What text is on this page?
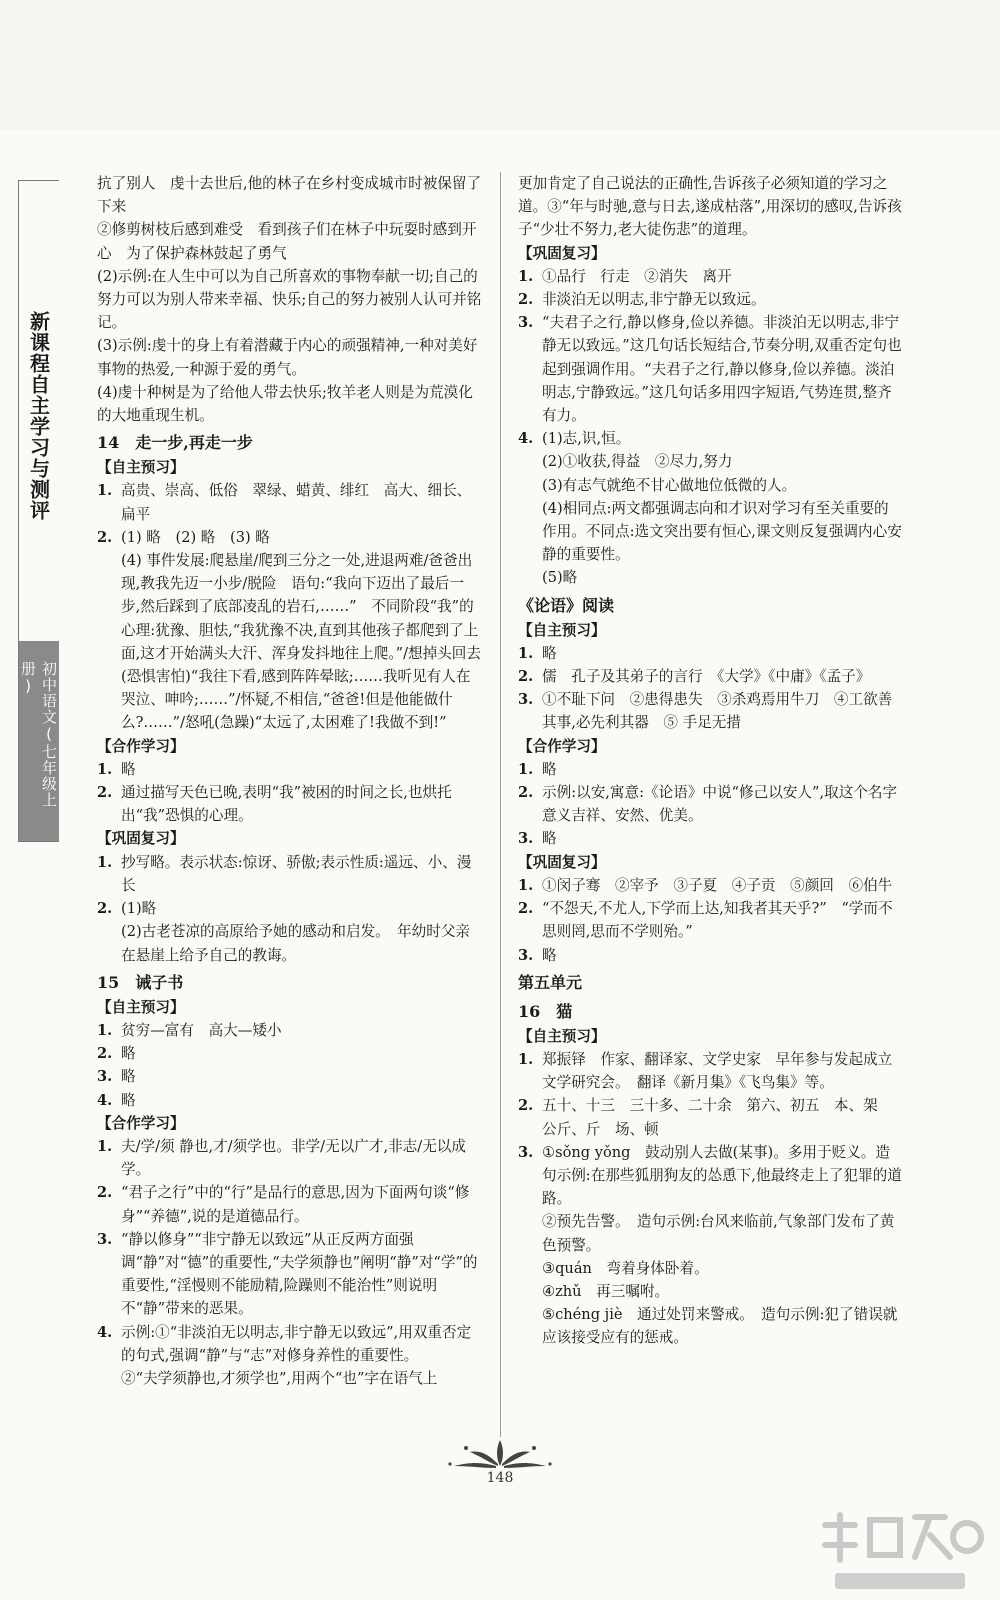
新课程自主学习与测评
初中语文(七年级上册)

抗了别人　虔十去世后,他的林子在乡村变成城市时被保留了下来

②修剪树枝后感到难受　看到孩子们在林子中玩耍时感到开心　为了保护森林鼓起了勇气

(2)示例:在人生中可以为自己所喜欢的事物奉献一切;自己的努力可以为别人带来幸福、快乐;自己的努力被别人认可并铭记。

(3)示例:虔十的身上有着潜藏于内心的顽强精神,一种对美好事物的热爱,一种源于爱的勇气。

(4)虔十种树是为了给他人带去快乐;牧羊老人则是为荒漠化的大地重现生机。

14　走一步,再走一步

【自主预习】

1. 高贵、崇高、低俗　翠绿、蜡黄、绯红　高大、细长、扁平

2. (1) 略　(2) 略　(3) 略

(4) 事件发展:爬悬崖/爬到三分之一处,进退两难/爸爸出现,教我先迈一小步/脱险　语句:“我向下迈出了最后一步,然后踩到了底部凌乱的岩石,……”　不同阶段“我”的心理:犹豫、胆怯,“我犹豫不决,直到其他孩子都爬到了上面,这才开始满头大汗、浑身发抖地往上爬。”/想掉头回去(恐惧害怕)“我往下看,感到阵阵晕眩;……我听见有人在哭泣、呻吟;……”/怀疑,不相信,“爸爸!但是他能做什么?……”/怒吼(急躁)“太远了,太困难了!我做不到!”

【合作学习】

1. 略

2. 通过描写天色已晚,表明“我”被困的时间之长,也烘托出“我”恐惧的心理。

【巩固复习】

1. 抄写略。表示状态:惊讶、骄傲;表示性质:遥远、小、漫长

2. (1)略

(2)古老苍凉的高原给予她的感动和启发。　年幼时父亲在悬崖上给予自己的教诲。

15　诫子书

【自主预习】

1. 贫穷—富有　高大—矮小

2. 略

3. 略

4. 略

【合作学习】

1. 夫/学/须 静也,才/须学也。非学/无以广才,非志/无以成学。

2. “君子之行”中的“行”是品行的意思,因为下面两句谈“修身”“养德”,说的是道德品行。

3. “静以修身”“非宁静无以致远”从正反两方面强调“静”对“德”的重要性,“夫学须静也”阐明“静”对“学”的重要性,“淫慢则不能励精,险躁则不能治性”则说明不“静”带来的恶果。

4. 示例:①“非淡泊无以明志,非宁静无以致远”,用双重否定的句式,强调“静”与“志”对修身养性的重要性。

②“夫学须静也,才须学也”,用两个“也”字在语气上

更加肯定了自己说法的正确性,告诉孩子必须知道的学习之道。③“年与时驰,意与日去,遂成枯落”,用深切的感叹,告诉孩子“少壮不努力,老大徒伤悲”的道理。

【巩固复习】

1. ①品行　行走　②消失　离开

2. 非淡泊无以明志,非宁静无以致远。

3. “夫君子之行,静以修身,俭以养德。非淡泊无以明志,非宁静无以致远。”这几句话长短结合,节奏分明,双重否定句也起到强调作用。“夫君子之行,静以修身,俭以养德。淡泊明志,宁静致远。”这几句话多用四字短语,气势连贯,整齐有力。

4. (1)志,识,恒。

(2)①收获,得益　②尽力,努力

(3)有志气就绝不甘心做地位低微的人。

(4)相同点:两文都强调志向和才识对学习有至关重要的作用。不同点:选文突出要有恒心,课文则反复强调内心安静的重要性。

(5)略

《论语》阅读

【自主预习】

1. 略

2. 儒　孔子及其弟子的言行　《大学》《中庸》《孟子》

3. ①不耻下问　②患得患失　③杀鸡焉用牛刀　④工欲善其事,必先利其器　⑤ 手足无措

【合作学习】

1. 略

2. 示例:以安,寓意:《论语》中说“修己以安人”,取这个名字意义吉祥、安然、优美。

3. 略

【巩固复习】

1. ①闵子骞　②宰予　③子夏　④子贡　⑤颜回　⑥伯牛

2. “不怨天,不尤人,下学而上达,知我者其天乎?”　“学而不思则罔,思而不学则殆。”

3. 略

第五单元

16　猫

【自主预习】

1. 郑振铎　作家、翻译家、文学史家　早年参与发起成立文学研究会。　翻译《新月集》《飞鸟集》等。

2. 五十、十三　三十多、二十余　第六、初五　本、架　公斤、斤　场、顿

3. ①sǒng yǒng　鼓动别人去做(某事)。多用于贬义。造句示例:在那些狐朋狗友的怂恿下,他最终走上了犯罪的道路。

②预先告警。　造句示例:台风来临前,气象部门发布了黄色预警。

③quán　弯着身体卧着。

④zhǔ　再三嘱咐。

⑤chéng jiè　通过处罚来警戒。　造句示例:犯了错误就应该接受应有的惩戒。

148
